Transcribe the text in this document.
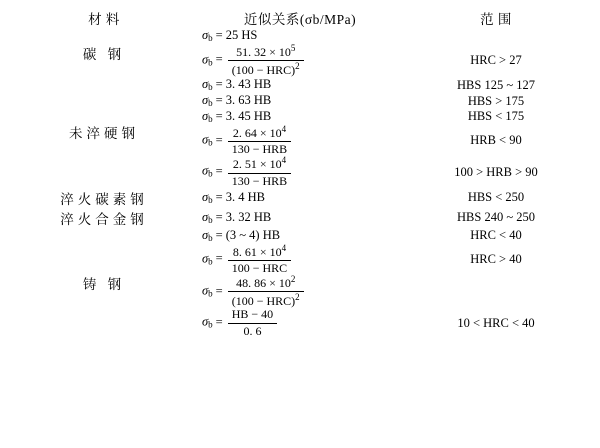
材 料	近似关系(σb/MPa)	范 围

碳 钢	$\sigma_b = 25$ HS	
	$\sigma_b = \frac{51. 32 \times 10^5}{(100 - HRC)^2}$	HRC > 27

未淬硬钢	$\sigma_b = 3$. 43 HB	HBS 125 ~ 127
	$\sigma_b = 3$. 63 HB	HBS > 175
	$\sigma_b = 3$. 45 HB	HBS < 175
	$\sigma_b = \frac{2. 64 \times 10^4}{\text{130 − HRB}}$	HRB < 90
	$\sigma_b = \frac{2. 51 \times 10^4}{\text{130 − HRB}}$	100 > HRB > 90

淬火碳素钢	$\sigma_b = 3$. 4 HB	HBS < 250

淬火合金钢	$\sigma_b = 3$. 32 HB	HBS 240 ~ 250

铸 钢	$\sigma_b = (3$ ~ 4) HB	HRC < 40
	$\sigma_b = \frac{8. 61 \times 10^4}{\text{100 − HRC}}$	HRC > 40
	$\sigma_b = \frac{48. 86 \times 10^2}{(100 - HRC)^2}$

	$\sigma_b = \frac{HB - 40}{0. 6}$	10 < HRC < 40
